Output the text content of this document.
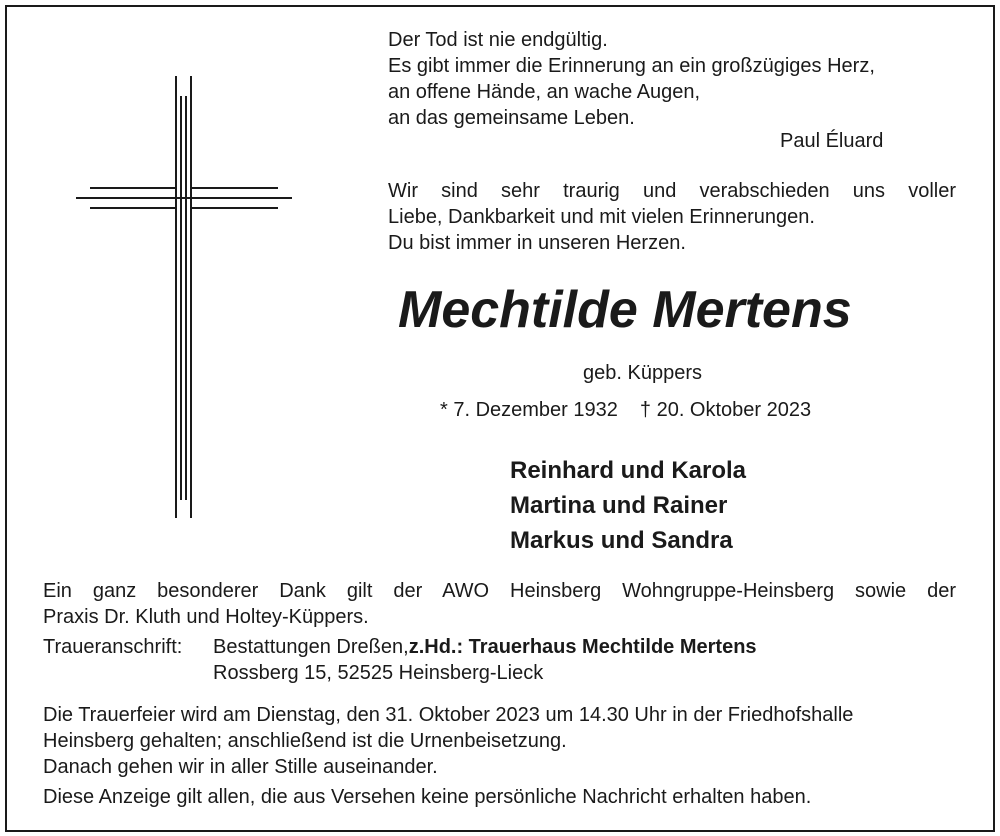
Der Tod ist nie endgültig.
Es gibt immer die Erinnerung an ein großzügiges Herz,
an offene Hände, an wache Augen,
an das gemeinsame Leben.
Paul Éluard
Wir sind sehr traurig und verabschieden uns voller
Liebe, Dankbarkeit und mit vielen Erinnerungen.
Du bist immer in unseren Herzen.
Mechtilde Mertens
geb. Küppers
* 7. Dezember 1932 † 20. Oktober 2023
Reinhard und Karola
Martina und Rainer
Markus und Sandra
Ein ganz besonderer Dank gilt der AWO Heinsberg Wohngruppe-Heinsberg sowie der
Praxis Dr. Kluth und Holtey-Küppers.
Traueranschrift: Bestattungen Dreßen,z.Hd.: Trauerhaus Mechtilde Mertens
Rossberg 15, 52525 Heinsberg-Lieck
Die Trauerfeier wird am Dienstag, den 31. Oktober 2023 um 14.30 Uhr in der Friedhofshalle
Heinsberg gehalten; anschließend ist die Urnenbeisetzung.
Danach gehen wir in aller Stille auseinander.
Diese Anzeige gilt allen, die aus Versehen keine persönliche Nachricht erhalten haben.
